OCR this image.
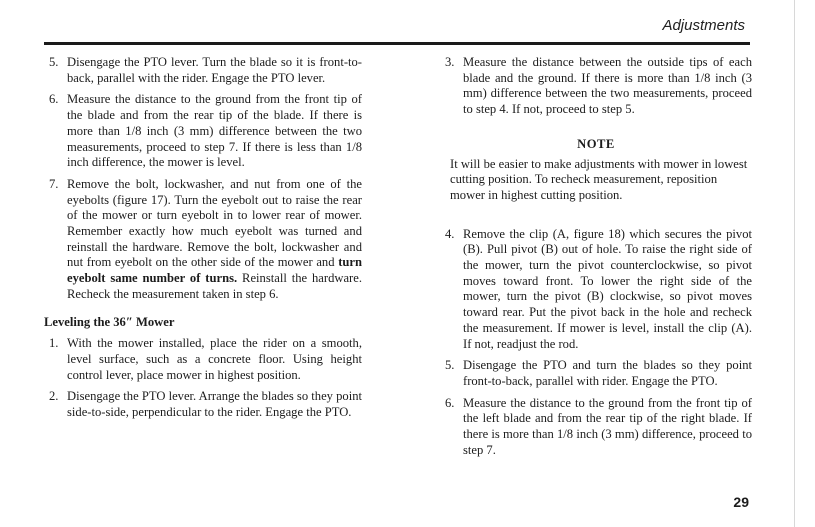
Adjustments
5. Disengage the PTO lever. Turn the blade so it is front-to-back, parallel with the rider. Engage the PTO lever.
6. Measure the distance to the ground from the front tip of the blade and from the rear tip of the blade. If there is more than 1/8 inch (3 mm) difference between the two measurements, proceed to step 7. If there is less than 1/8 inch difference, the mower is level.
7. Remove the bolt, lockwasher, and nut from one of the eyebolts (figure 17). Turn the eyebolt out to raise the rear of the mower or turn eyebolt in to lower rear of mower. Remember exactly how much eyebolt was turned and reinstall the hardware. Remove the bolt, lockwasher and nut from eyebolt on the other side of the mower and turn eyebolt same number of turns. Reinstall the hardware. Recheck the measurement taken in step 6.
Leveling the 36″ Mower
1. With the mower installed, place the rider on a smooth, level surface, such as a concrete floor. Using height control lever, place mower in highest position.
2. Disengage the PTO lever. Arrange the blades so they point side-to-side, perpendicular to the rider. Engage the PTO.
3. Measure the distance between the outside tips of each blade and the ground. If there is more than 1/8 inch (3 mm) difference between the two measurements, proceed to step 4. If not, proceed to step 5.
NOTE
It will be easier to make adjustments with mower in lowest cutting position. To recheck measurement, reposition mower in highest cutting position.
4. Remove the clip (A, figure 18) which secures the pivot (B). Pull pivot (B) out of hole. To raise the right side of the mower, turn the pivot counterclockwise, so pivot moves toward front. To lower the right side of the mower, turn the pivot (B) clockwise, so pivot moves toward rear. Put the pivot back in the hole and recheck the measurement. If mower is level, install the clip (A). If not, readjust the rod.
5. Disengage the PTO and turn the blades so they point front-to-back, parallel with rider. Engage the PTO.
6. Measure the distance to the ground from the front tip of the left blade and from the rear tip of the right blade. If there is more than 1/8 inch (3 mm) difference, proceed to step 7.
29
